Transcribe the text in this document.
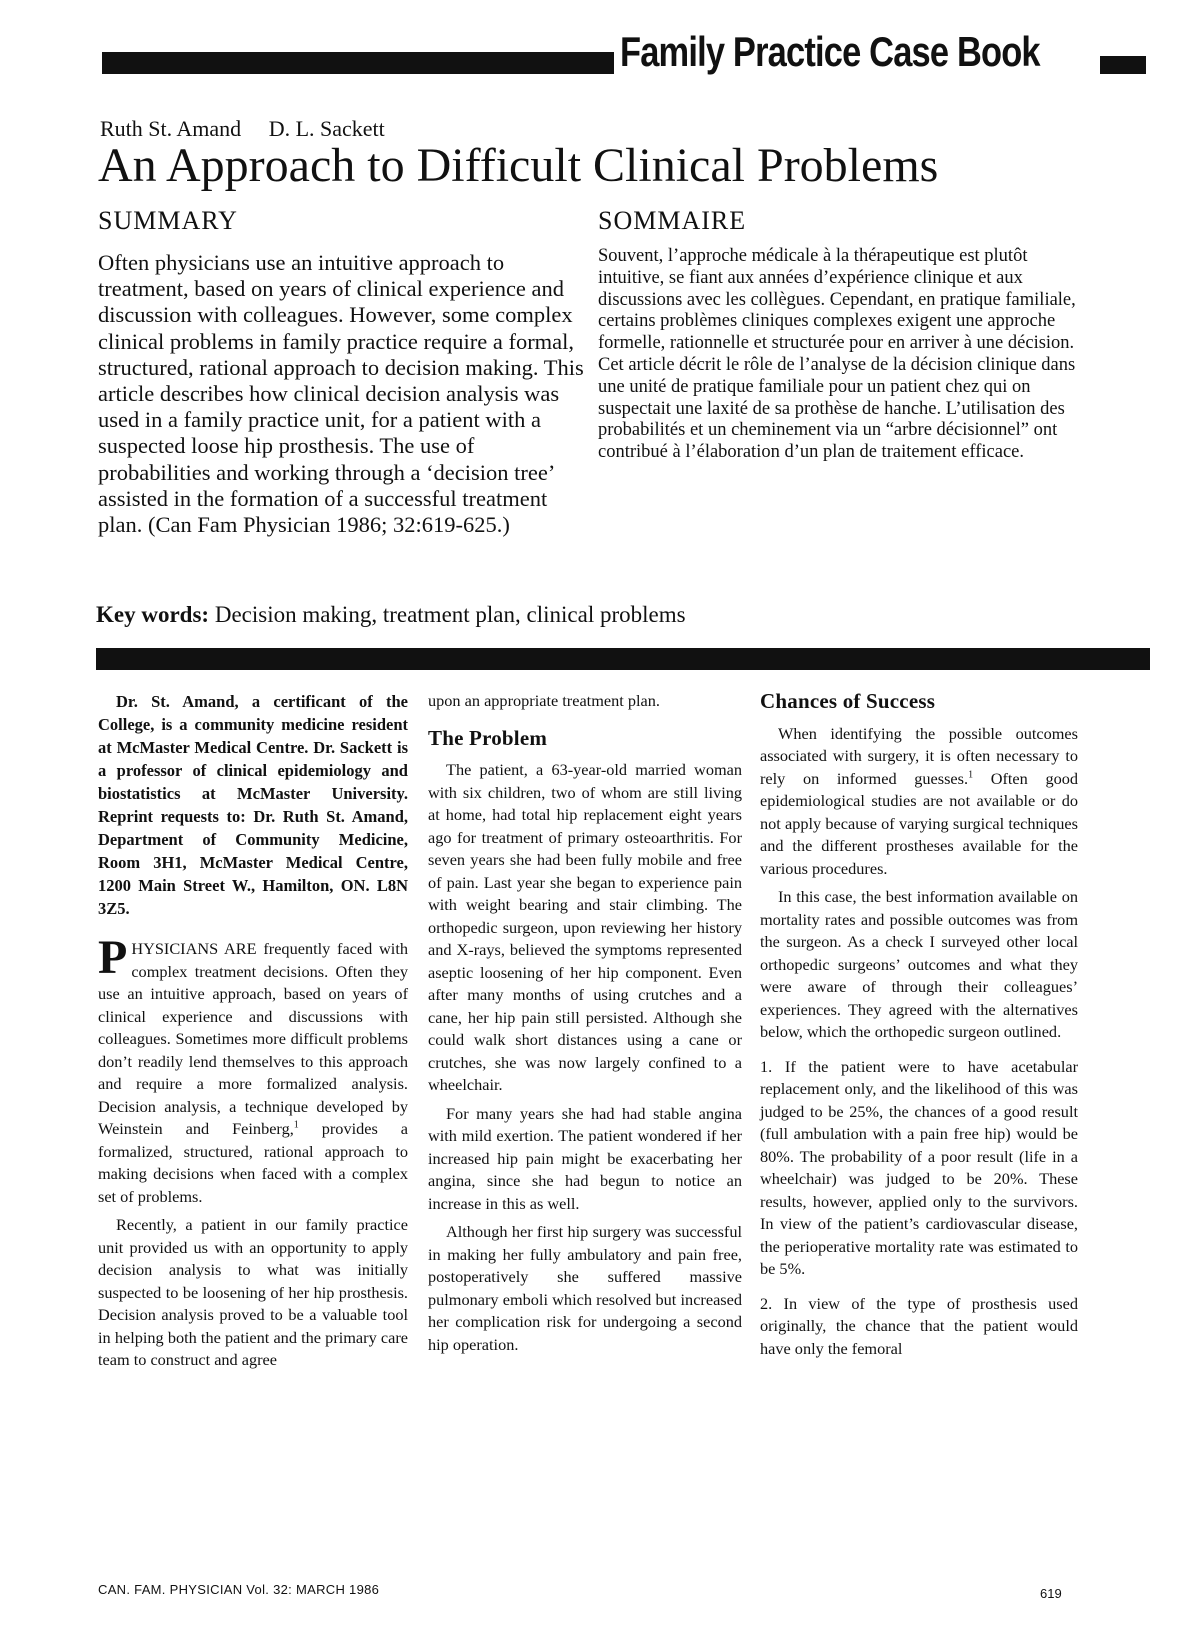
Family Practice Case Book
Ruth St. Amand D. L. Sackett
An Approach to Difficult Clinical Problems
SUMMARY

Often physicians use an intuitive approach to treatment, based on years of clinical experience and discussion with colleagues. However, some complex clinical problems in family practice require a formal, structured, rational approach to decision making. This article describes how clinical decision analysis was used in a family practice unit, for a patient with a suspected loose hip prosthesis. The use of probabilities and working through a ‘decision tree’ assisted in the formation of a successful treatment plan. (Can Fam Physician 1986; 32:619-625.)

SOMMAIRE

Souvent, l’approche médicale à la thérapeutique est plutôt intuitive, se fiant aux années d’expérience clinique et aux discussions avec les collègues. Cependant, en pratique familiale, certains problèmes cliniques complexes exigent une approche formelle, rationnelle et structurée pour en arriver à une décision. Cet article décrit le rôle de l’analyse de la décision clinique dans une unité de pratique familiale pour un patient chez qui on suspectait une laxité de sa prothèse de hanche. L’utilisation des probabilités et un cheminement via un “arbre décisionnel” ont contribué à l’élaboration d’un plan de traitement efficace.

Key words: Decision making, treatment plan, clinical problems

Dr. St. Amand, a certificant of the College, is a community medicine resident at McMaster Medical Centre. Dr. Sackett is a professor of clinical epidemiology and biostatistics at McMaster University. Reprint requests to: Dr. Ruth St. Amand, Department of Community Medicine, Room 3H1, McMaster Medical Centre, 1200 Main Street W., Hamilton, ON. L8N 3Z5.

PHYSICIANS ARE frequently faced with complex treatment decisions. Often they use an intuitive approach, based on years of clinical experience and discussions with colleagues. Sometimes more difficult problems don’t readily lend themselves to this approach and require a more formalized analysis. Decision analysis, a technique developed by Weinstein and Feinberg,$^1$ provides a formalized, structured, rational approach to making decisions when faced with a complex set of problems.

Recently, a patient in our family practice unit provided us with an opportunity to apply decision analysis to what was initially suspected to be loosening of her hip prosthesis. Decision analysis proved to be a valuable tool in helping both the patient and the primary care team to construct and agree

upon an appropriate treatment plan.

The Problem

The patient, a 63-year-old married woman with six children, two of whom are still living at home, had total hip replacement eight years ago for treatment of primary osteoarthritis. For seven years she had been fully mobile and free of pain. Last year she began to experience pain with weight bearing and stair climbing. The orthopedic surgeon, upon reviewing her history and X-rays, believed the symptoms represented aseptic loosening of her hip component. Even after many months of using crutches and a cane, her hip pain still persisted. Although she could walk short distances using a cane or crutches, she was now largely confined to a wheelchair.

For many years she had had stable angina with mild exertion. The patient wondered if her increased hip pain might be exacerbating her angina, since she had begun to notice an increase in this as well.

Although her first hip surgery was successful in making her fully ambulatory and pain free, postoperatively she suffered massive pulmonary emboli which resolved but increased her complication risk for undergoing a second hip operation.

Chances of Success

When identifying the possible outcomes associated with surgery, it is often necessary to rely on informed guesses.$^1$ Often good epidemiological studies are not available or do not apply because of varying surgical techniques and the different prostheses available for the various procedures.

In this case, the best information available on mortality rates and possible outcomes was from the surgeon. As a check I surveyed other local orthopedic surgeons’ outcomes and what they were aware of through their colleagues’ experiences. They agreed with the alternatives below, which the orthopedic surgeon outlined.

1. If the patient were to have acetabular replacement only, and the likelihood of this was judged to be 25%, the chances of a good result (full ambulation with a pain free hip) would be 80%. The probability of a poor result (life in a wheelchair) was judged to be 20%. These results, however, applied only to the survivors. In view of the patient’s cardiovascular disease, the perioperative mortality rate was estimated to be 5%.

2. In view of the type of prosthesis used originally, the chance that the patient would have only the femoral

CAN. FAM. PHYSICIAN Vol. 32: MARCH 1986	619
